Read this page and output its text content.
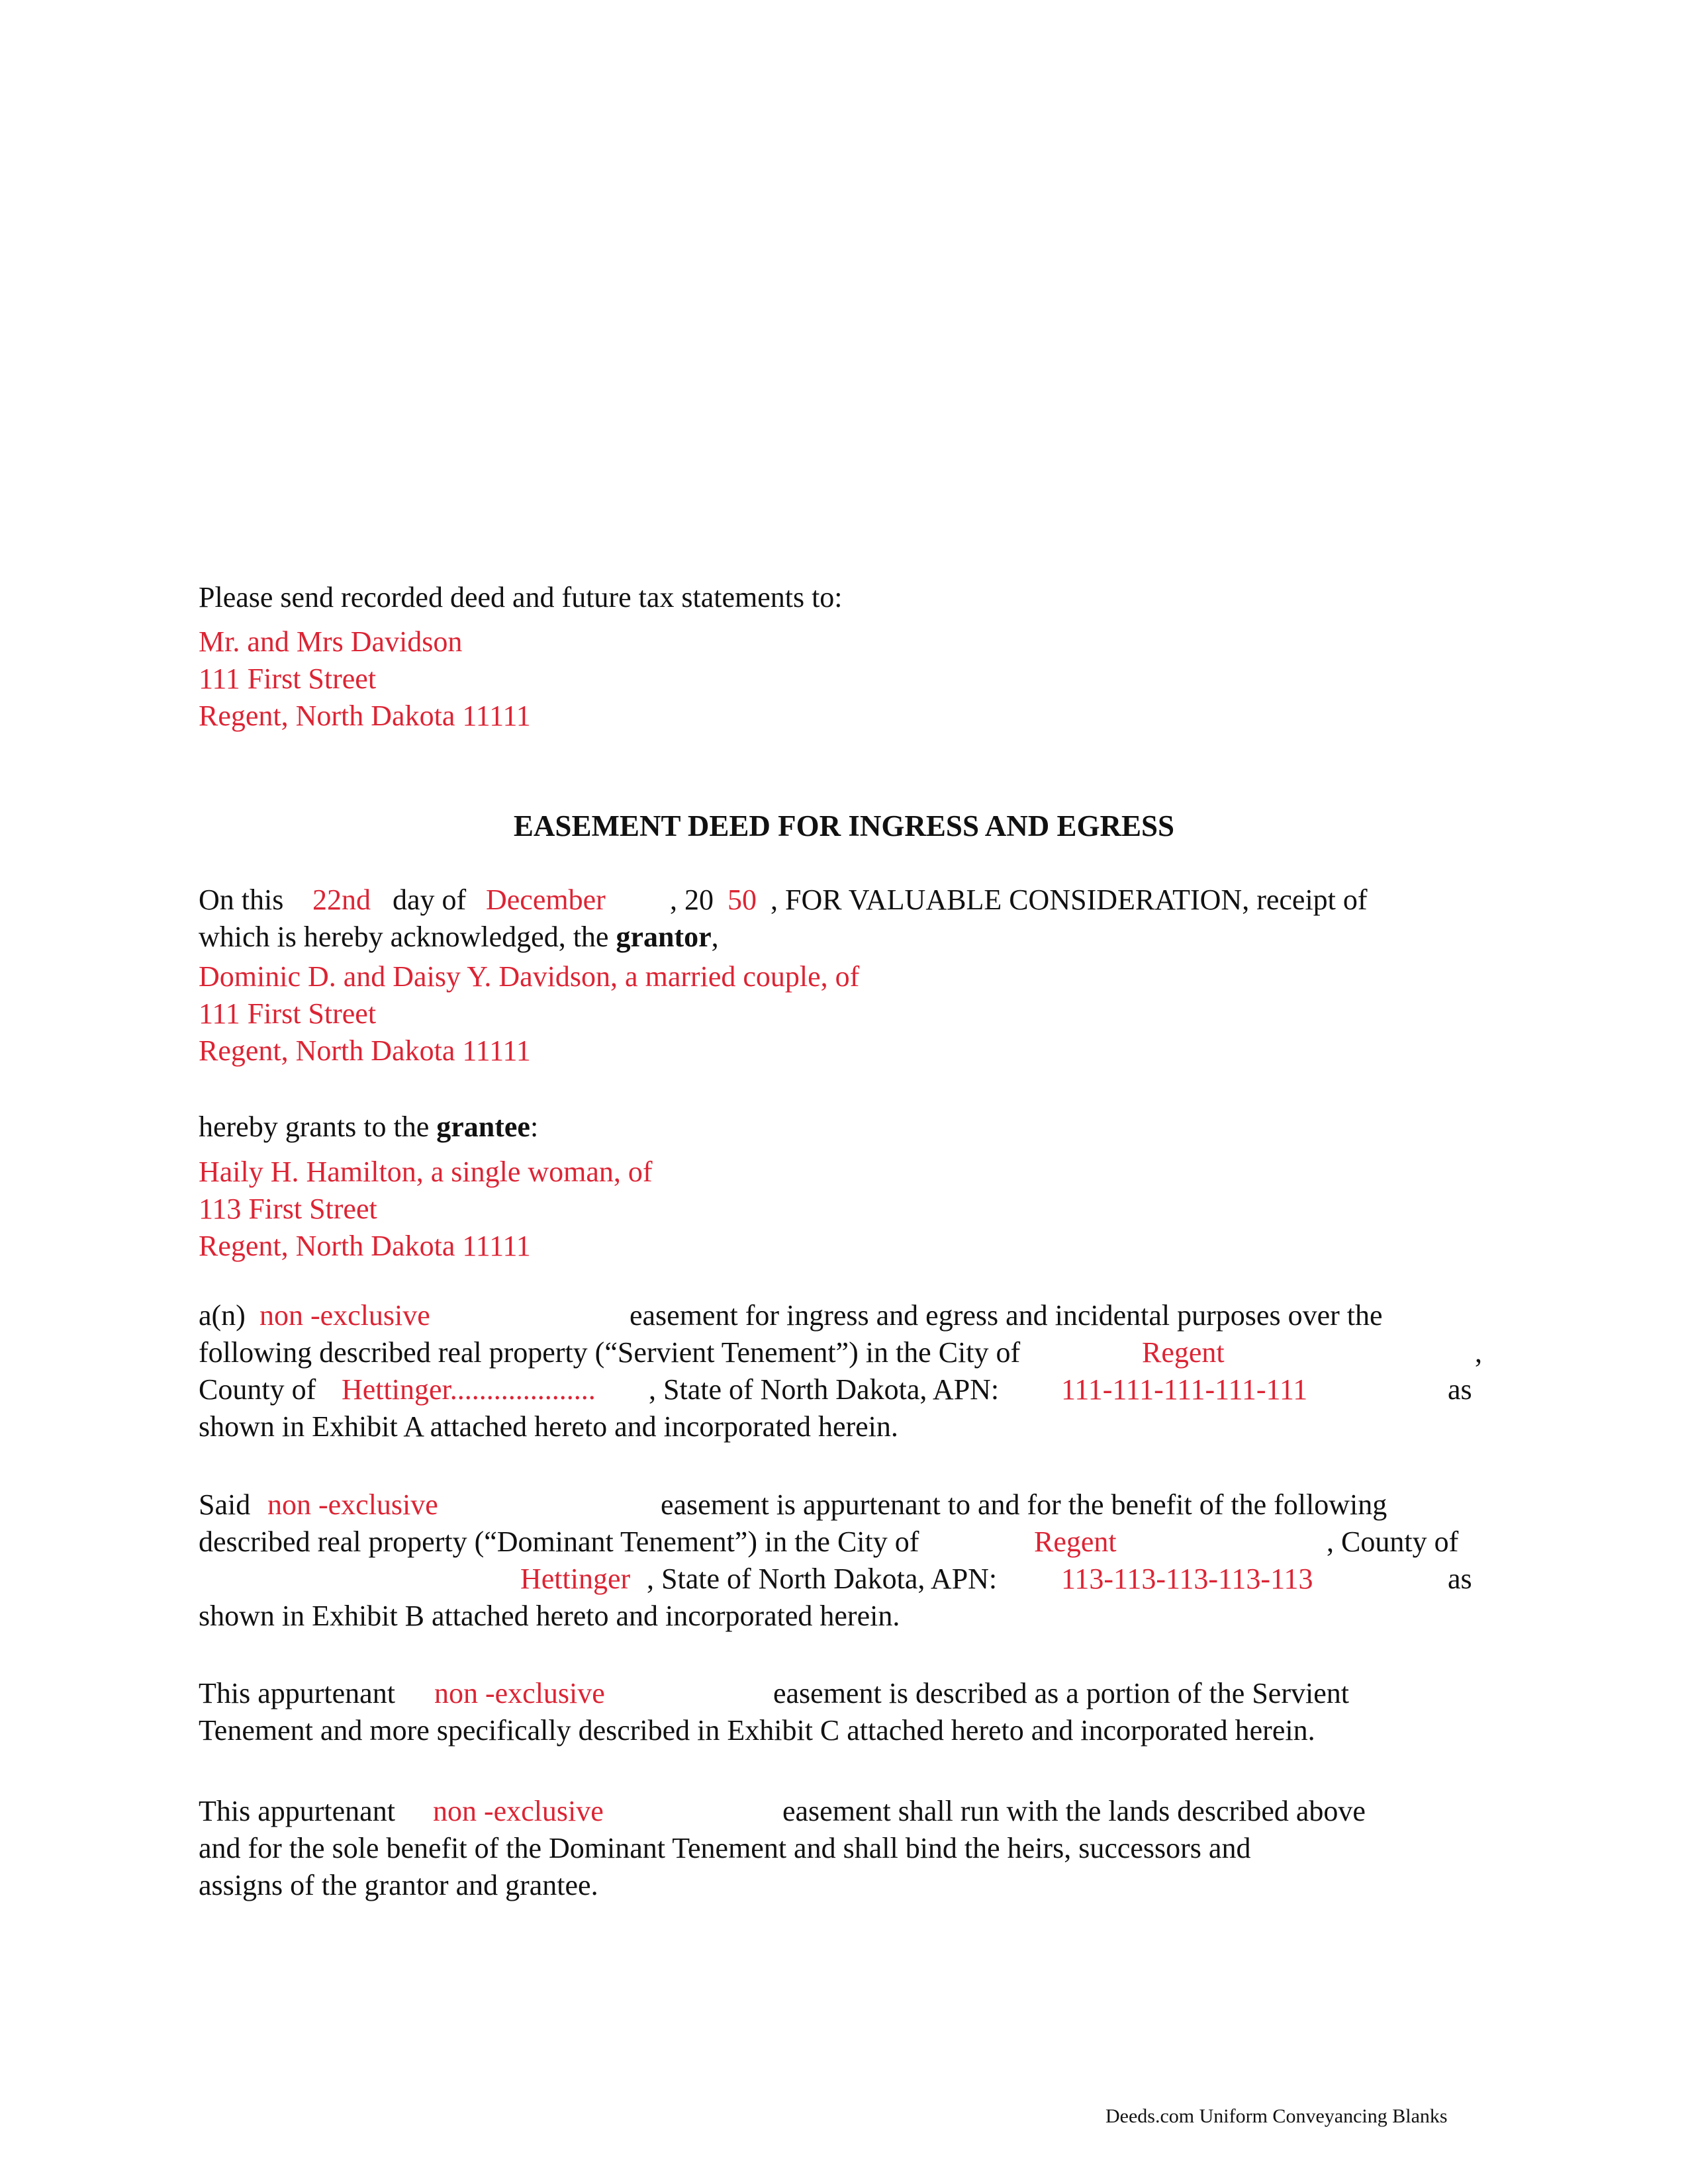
Please send recorded deed and future tax statements to:
Mr. and Mrs Davidson
111 First Street
Regent, North Dakota 11111
EASEMENT DEED FOR INGRESS AND EGRESS
On this 22nd day of December , 20 50 , FOR VALUABLE CONSIDERATION, receipt of
which is hereby acknowledged, the grantor,
Dominic D. and Daisy Y. Davidson, a married couple, of
111 First Street
Regent, North Dakota 11111
hereby grants to the grantee:
Haily H. Hamilton, a single woman, of
113 First Street
Regent, North Dakota 11111
a(n) non -exclusive	easement for ingress and egress and incidental purposes over the
following described real property (“Servient Tenement”) in the City of	Regent	,
County of Hettinger.................... , State of North Dakota, APN: 111-111-111-111-111	as
shown in Exhibit A attached hereto and incorporated herein.
Said non -exclusive	easement is appurtenant to and for the benefit of the following
described real property (“Dominant Tenement”) in the City of	Regent	, County of
Hettinger , State of North Dakota, APN: 113-113-113-113-113	as
shown in Exhibit B attached hereto and incorporated herein.
This appurtenant non -exclusive	easement is described as a portion of the Servient
Tenement and more specifically described in Exhibit C attached hereto and incorporated herein.
This appurtenant non -exclusive	easement shall run with the lands described above
and for the sole benefit of the Dominant Tenement and shall bind the heirs, successors and
assigns of the grantor and grantee.
Deeds.com Uniform Conveyancing Blanks
